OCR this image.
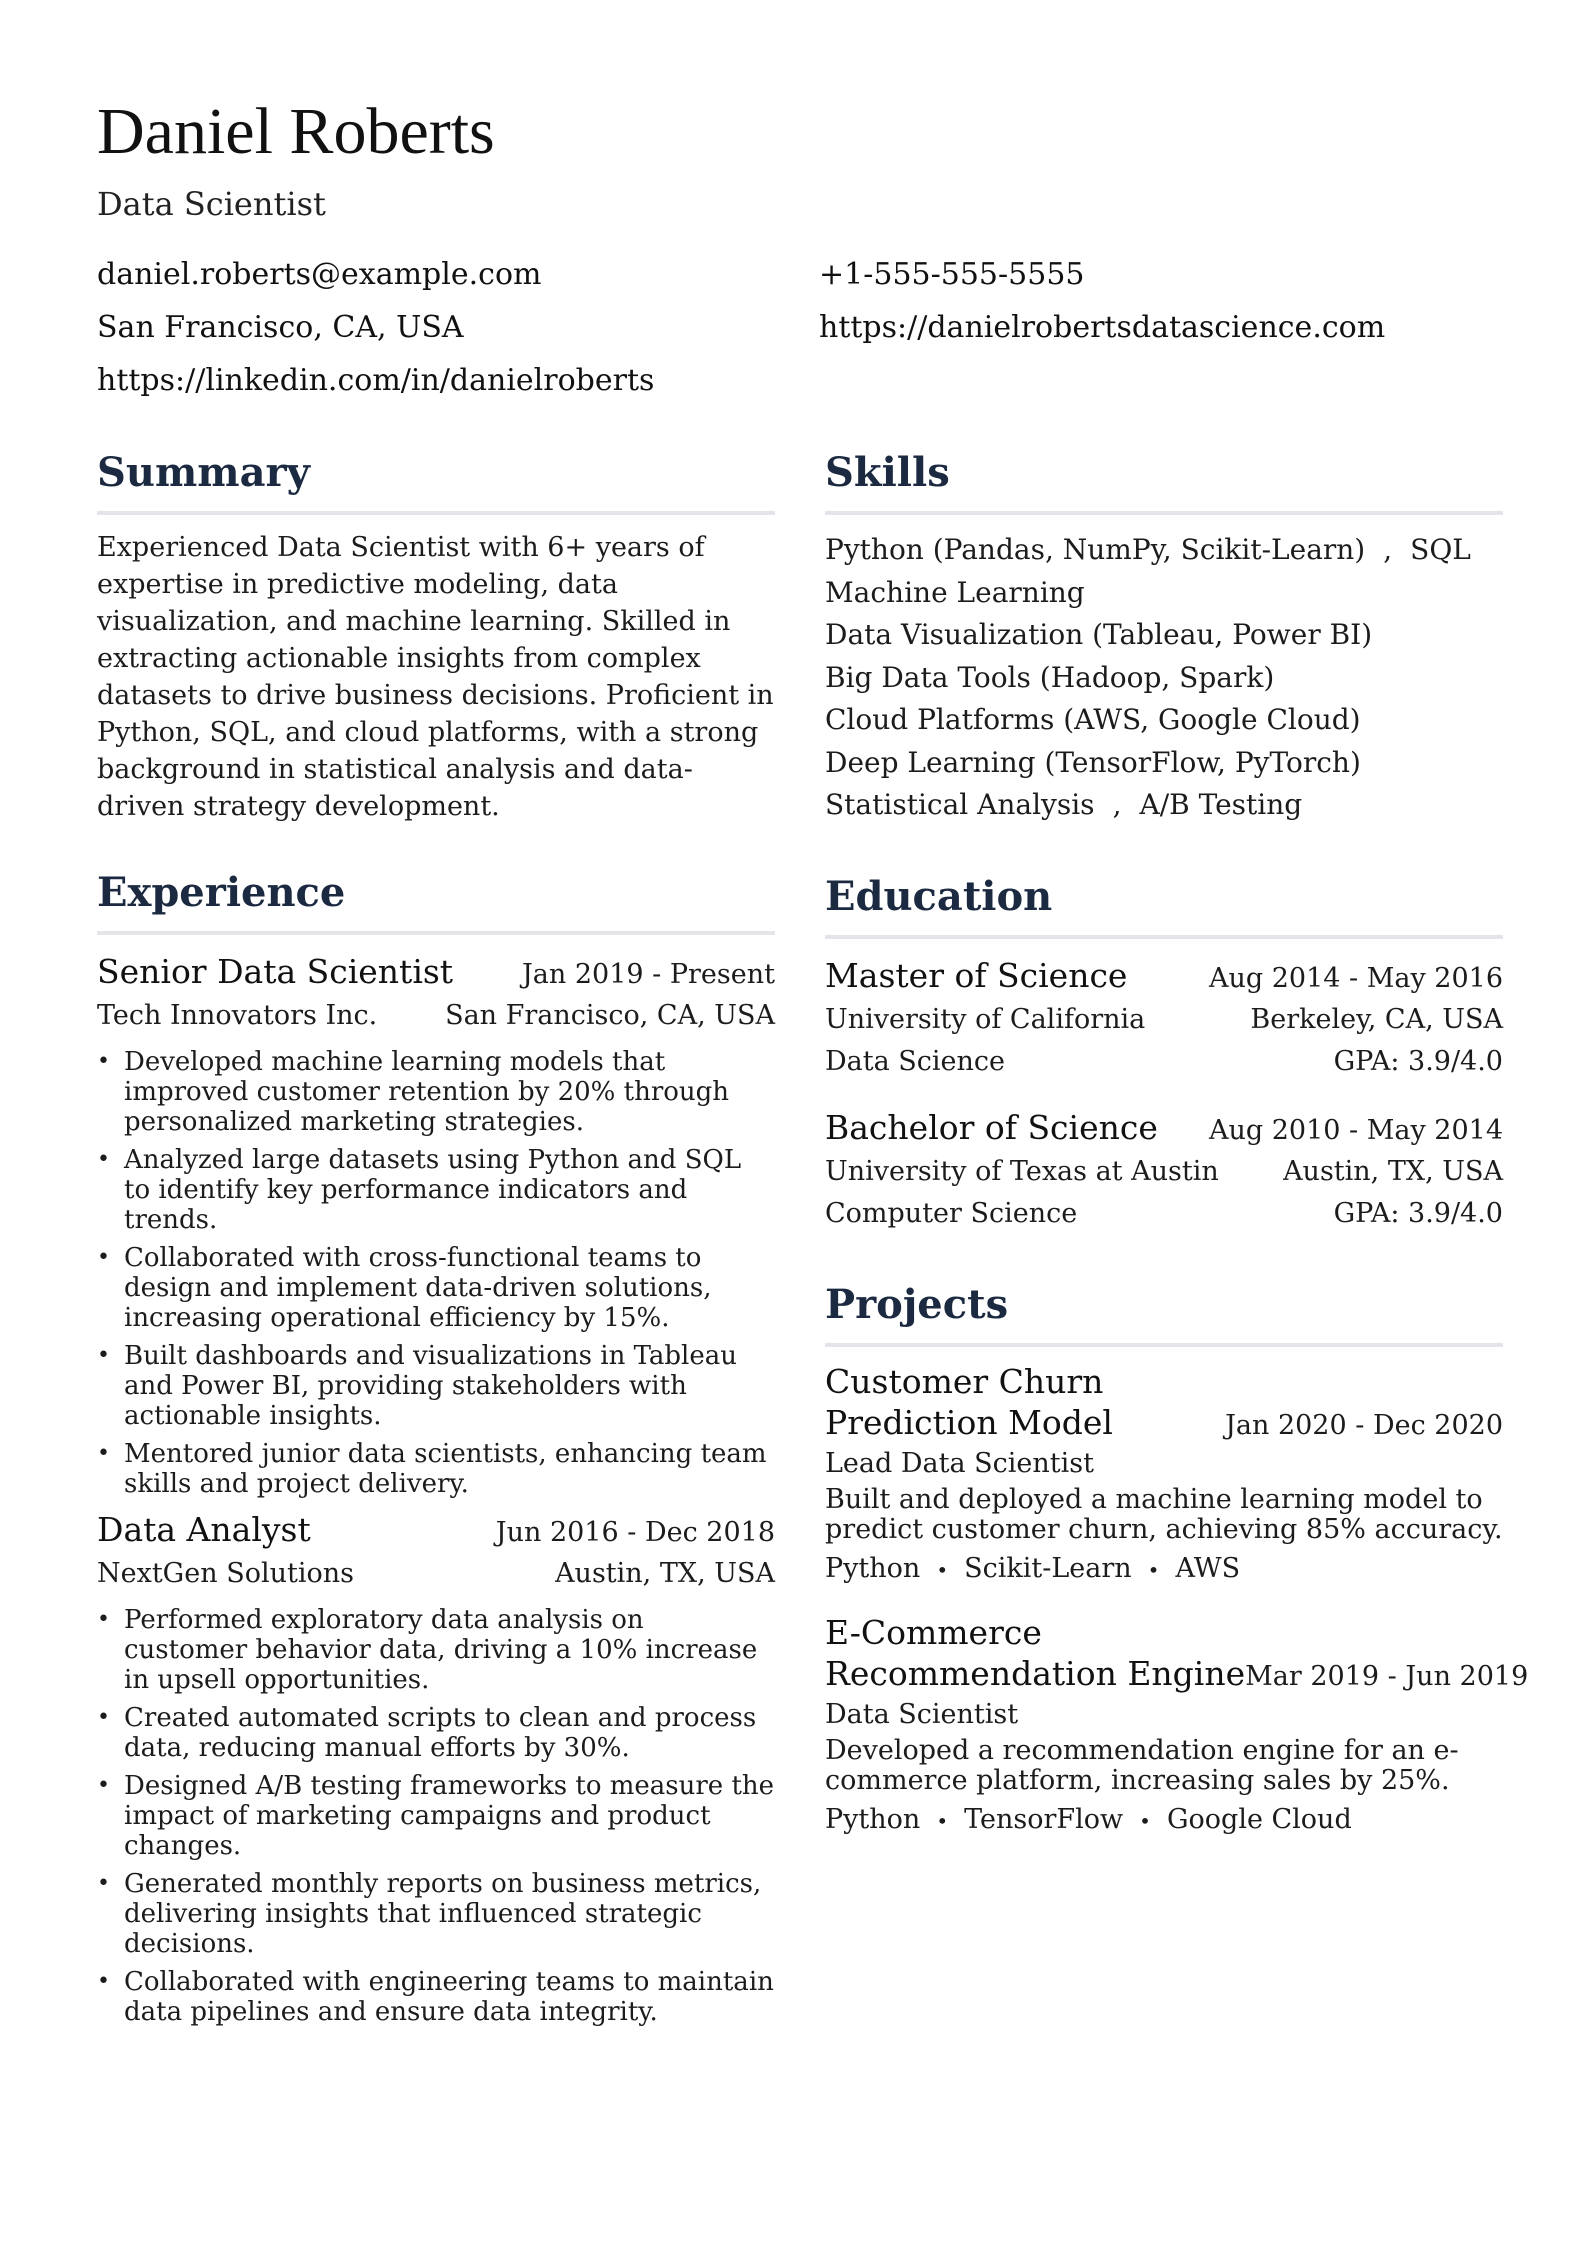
Daniel Roberts
Data Scientist
daniel.roberts@example.com	+1-555-555-5555
San Francisco, CA, USA	https://danielrobertsdatascience.com
https://linkedin.com/in/danielroberts
Summary
Experienced Data Scientist with 6+ years of expertise in predictive modeling, data visualization, and machine learning. Skilled in extracting actionable insights from complex datasets to drive business decisions. Proficient in Python, SQL, and cloud platforms, with a strong background in statistical analysis and data-driven strategy development.
Experience
Senior Data Scientist	Jan 2019 - Present
Tech Innovators Inc.	San Francisco, CA, USA
• Developed machine learning models that improved customer retention by 20% through personalized marketing strategies.
• Analyzed large datasets using Python and SQL to identify key performance indicators and trends.
• Collaborated with cross-functional teams to design and implement data-driven solutions, increasing operational efficiency by 15%.
• Built dashboards and visualizations in Tableau and Power BI, providing stakeholders with actionable insights.
• Mentored junior data scientists, enhancing team skills and project delivery.
Data Analyst	Jun 2016 - Dec 2018
NextGen Solutions	Austin, TX, USA
• Performed exploratory data analysis on customer behavior data, driving a 10% increase in upsell opportunities.
• Created automated scripts to clean and process data, reducing manual efforts by 30%.
• Designed A/B testing frameworks to measure the impact of marketing campaigns and product changes.
• Generated monthly reports on business metrics, delivering insights that influenced strategic decisions.
• Collaborated with engineering teams to maintain data pipelines and ensure data integrity.
Skills
Python (Pandas, NumPy, Scikit-Learn) , SQL
Machine Learning
Data Visualization (Tableau, Power BI)
Big Data Tools (Hadoop, Spark)
Cloud Platforms (AWS, Google Cloud)
Deep Learning (TensorFlow, PyTorch)
Statistical Analysis , A/B Testing
Education
Master of Science	Aug 2014 - May 2016
University of California	Berkeley, CA, USA
Data Science	GPA: 3.9/4.0
Bachelor of Science Aug 2010 - May 2014
University of Texas at Austin Austin, TX, USA
Computer Science	GPA: 3.9/4.0
Projects
Customer Churn
Prediction Model	Jan 2020 - Dec 2020
Lead Data Scientist
Built and deployed a machine learning model to predict customer churn, achieving 85% accuracy.
Python • Scikit-Learn • AWS
E-Commerce
Recommendation Engine Mar 2019 - Jun 2019
Data Scientist
Developed a recommendation engine for an e-commerce platform, increasing sales by 25%.
Python • TensorFlow • Google Cloud
